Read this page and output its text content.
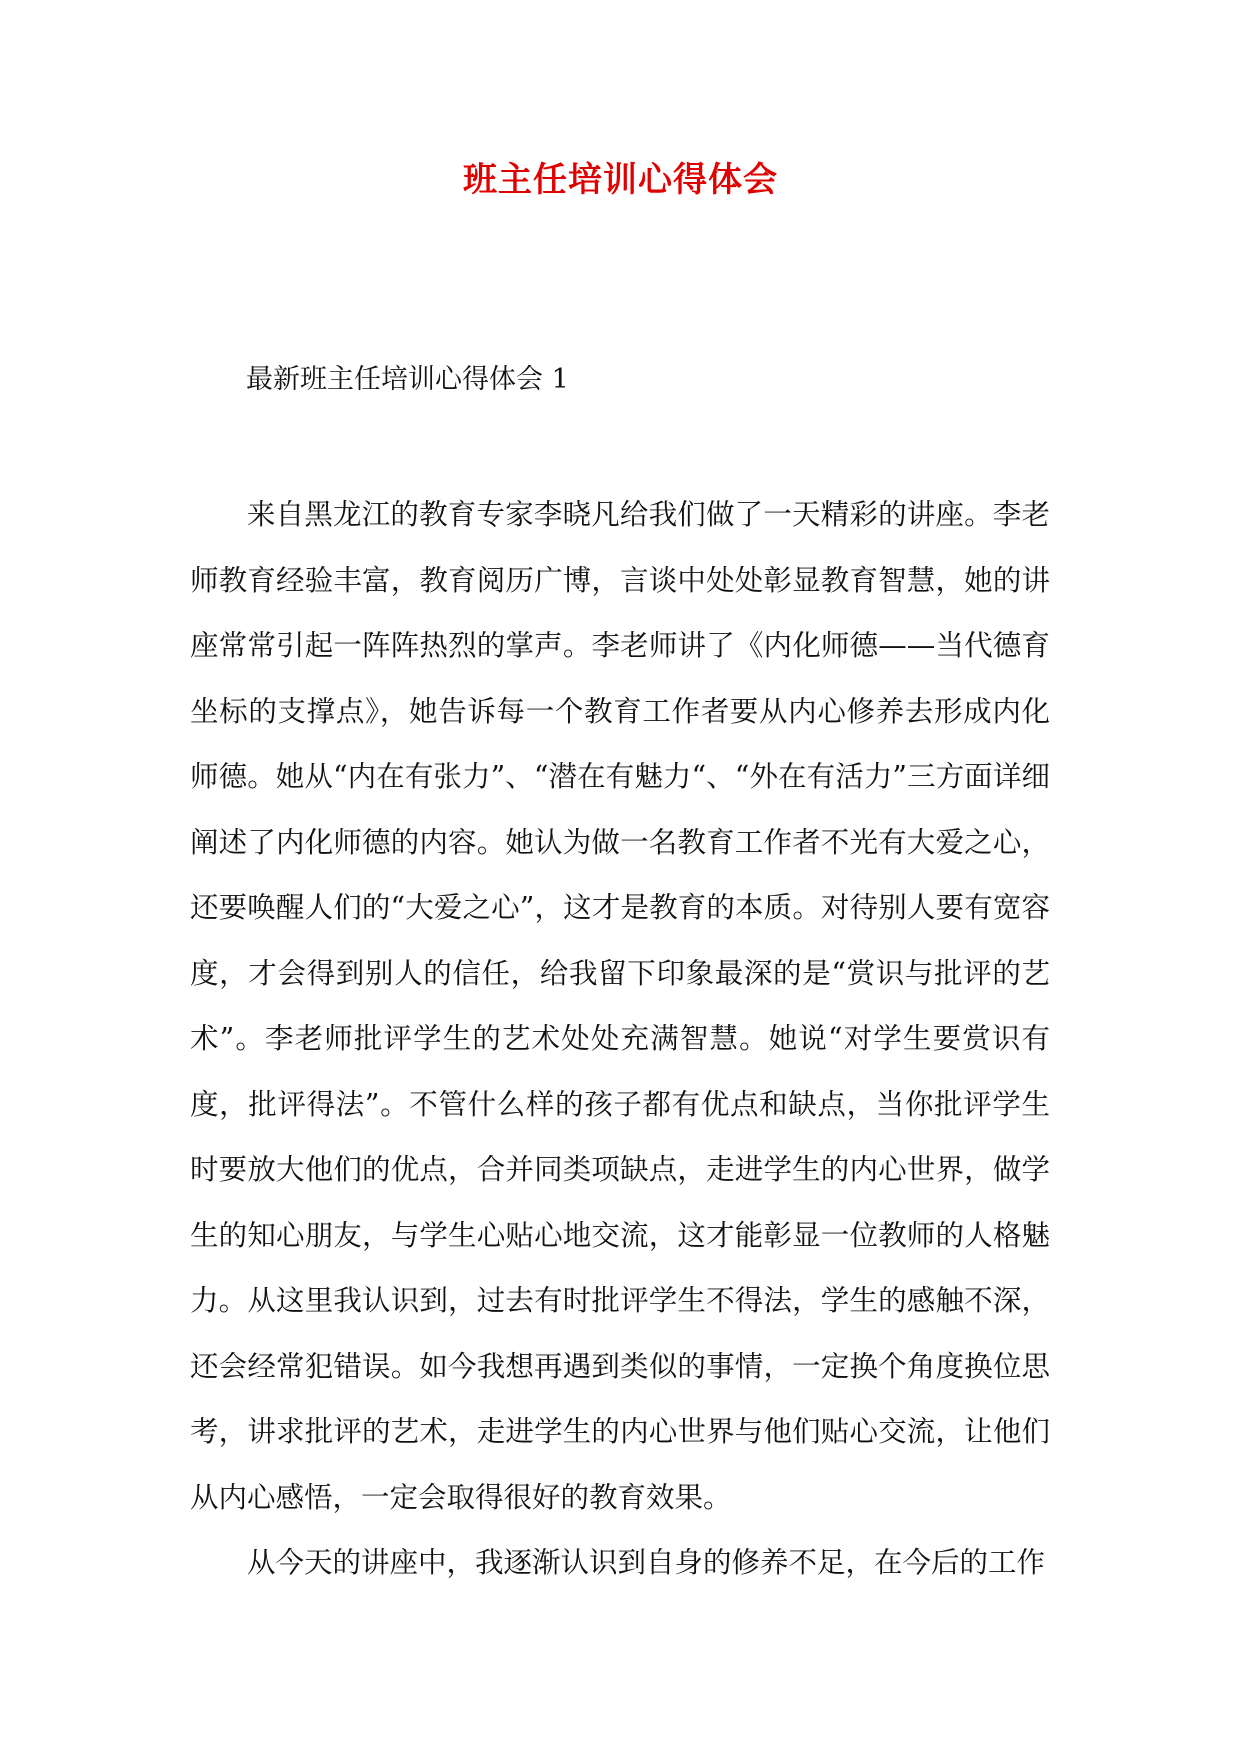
班主任培训心得体会
最新班主任培训心得体会 1

来自黑龙江的教育专家李晓凡给我们做了一天精彩的讲座。李老师教育经验丰富，教育阅历广博，言谈中处处彰显教育智慧，她的讲座常常引起一阵阵热烈的掌声。李老师讲了《内化师德——当代德育坐标的支撑点》，她告诉每一个教育工作者要从内心修养去形成内化师德。她从“内在有张力”、“潜在有魅力“、“外在有活力”三方面详细阐述了内化师德的内容。她认为做一名教育工作者不光有大爱之心，还要唤醒人们的“大爱之心”，这才是教育的本质。对待别人要有宽容度，才会得到别人的信任，给我留下印象最深的是“赏识与批评的艺术”。李老师批评学生的艺术处处充满智慧。她说“对学生要赏识有度，批评得法”。不管什么样的孩子都有优点和缺点，当你批评学生时要放大他们的优点，合并同类项缺点，走进学生的内心世界，做学生的知心朋友，与学生心贴心地交流，这才能彰显一位教师的人格魅力。从这里我认识到，过去有时批评学生不得法，学生的感触不深，还会经常犯错误。如今我想再遇到类似的事情，一定换个角度换位思考，讲求批评的艺术，走进学生的内心世界与他们贴心交流，让他们从内心感悟，一定会取得很好的教育效果。

从今天的讲座中，我逐渐认识到自身的修养不足，在今后的工作
